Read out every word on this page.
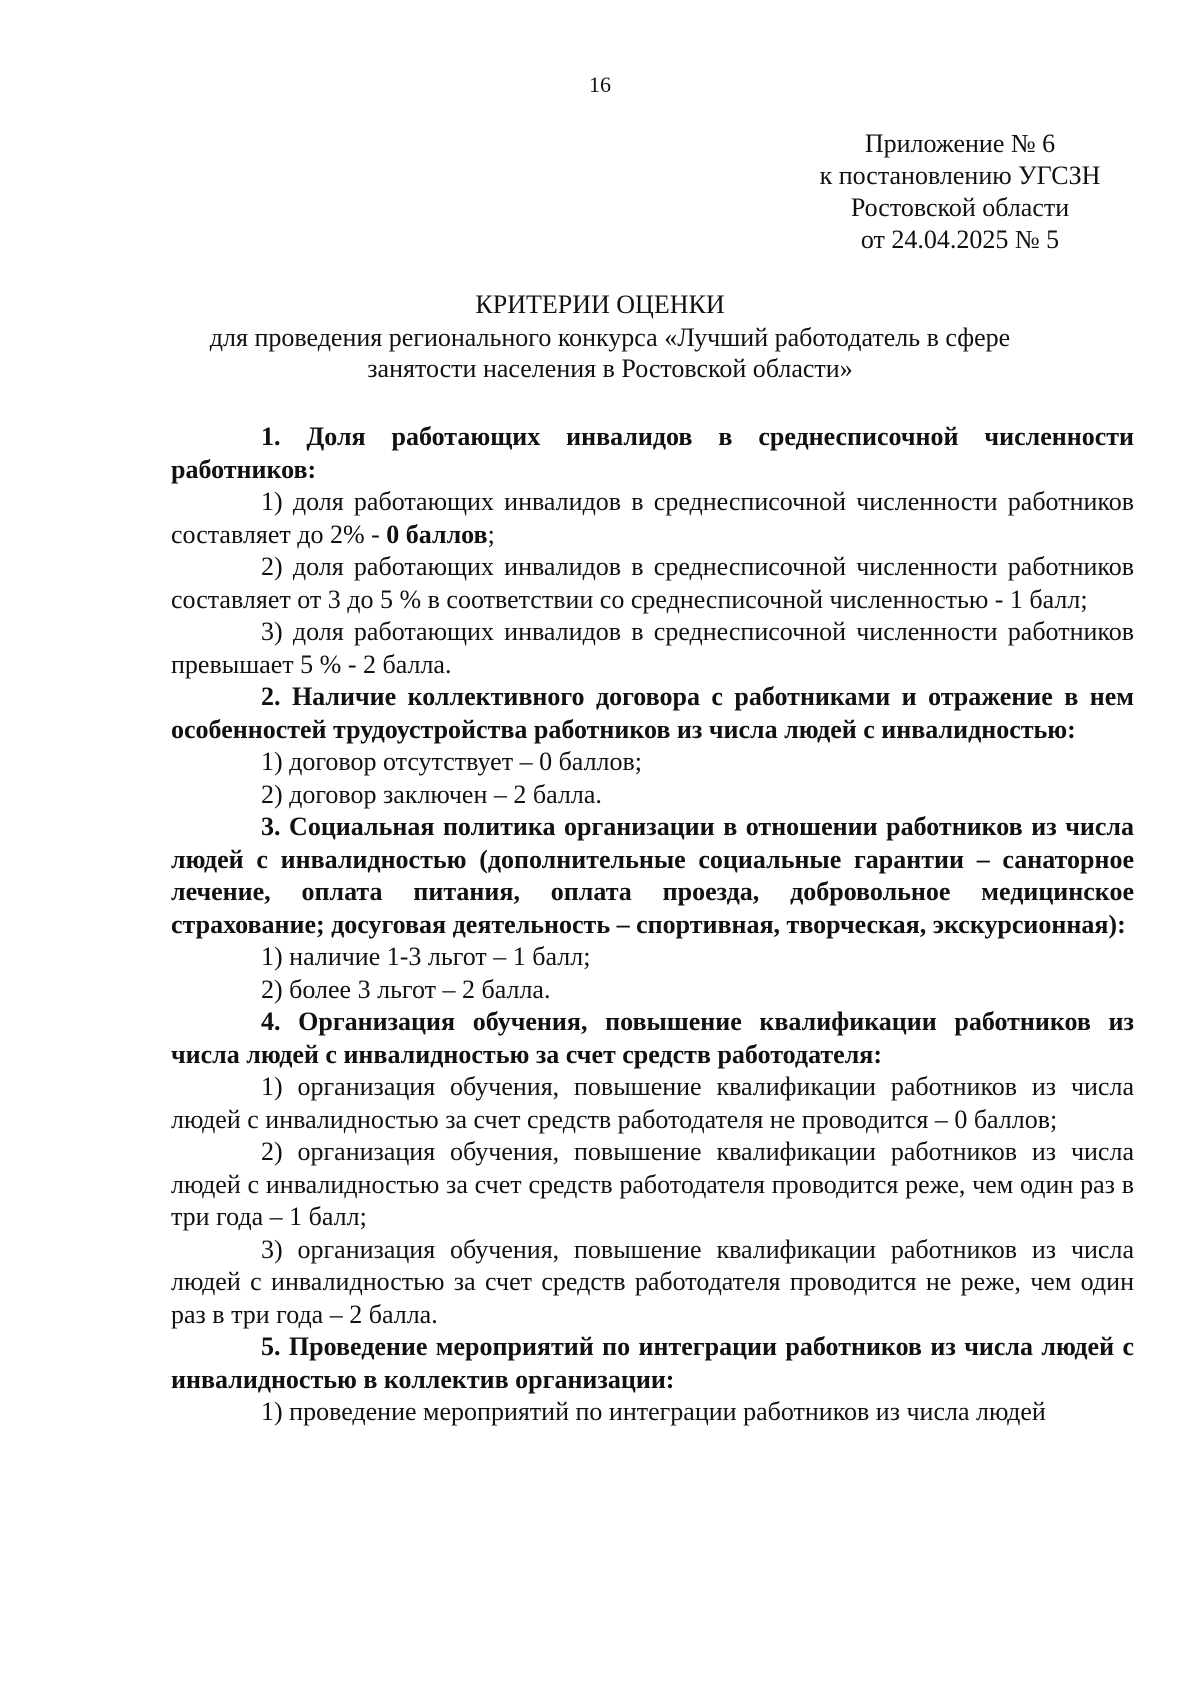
16
Приложение № 6
к постановлению УГСЗН
Ростовской области
от 24.04.2025 № 5
КРИТЕРИИ ОЦЕНКИ
для проведения регионального конкурса «Лучший работодатель в сфере занятости населения в Ростовской области»

1. Доля работающих инвалидов в среднесписочной численности работников:

1) доля работающих инвалидов в среднесписочной численности работников составляет до 2% - 0 баллов;

2) доля работающих инвалидов в среднесписочной численности работников составляет от 3 до 5 % в соответствии со среднесписочной численностью - 1 балл;

3) доля работающих инвалидов в среднесписочной численности работников превышает 5 % - 2 балла.

2. Наличие коллективного договора с работниками и отражение в нем особенностей трудоустройства работников из числа людей с инвалидностью:

1) договор отсутствует – 0 баллов;

2) договор заключен – 2 балла.

3. Социальная политика организации в отношении работников из числа людей с инвалидностью (дополнительные социальные гарантии – санаторное лечение, оплата питания, оплата проезда, добровольное медицинское страхование; досуговая деятельность – спортивная, творческая, экскурсионная):

1) наличие 1-3 льгот – 1 балл;

2) более 3 льгот – 2 балла.

4. Организация обучения, повышение квалификации работников из числа людей с инвалидностью за счет средств работодателя:

1) организация обучения, повышение квалификации работников из числа людей с инвалидностью за счет средств работодателя не проводится – 0 баллов;

2) организация обучения, повышение квалификации работников из числа людей с инвалидностью за счет средств работодателя проводится реже, чем один раз в три года – 1 балл;

3) организация обучения, повышение квалификации работников из числа людей с инвалидностью за счет средств работодателя проводится не реже, чем один раз в три года – 2 балла.

5. Проведение мероприятий по интеграции работников из числа людей с инвалидностью в коллектив организации:

1) проведение мероприятий по интеграции работников из числа людей
